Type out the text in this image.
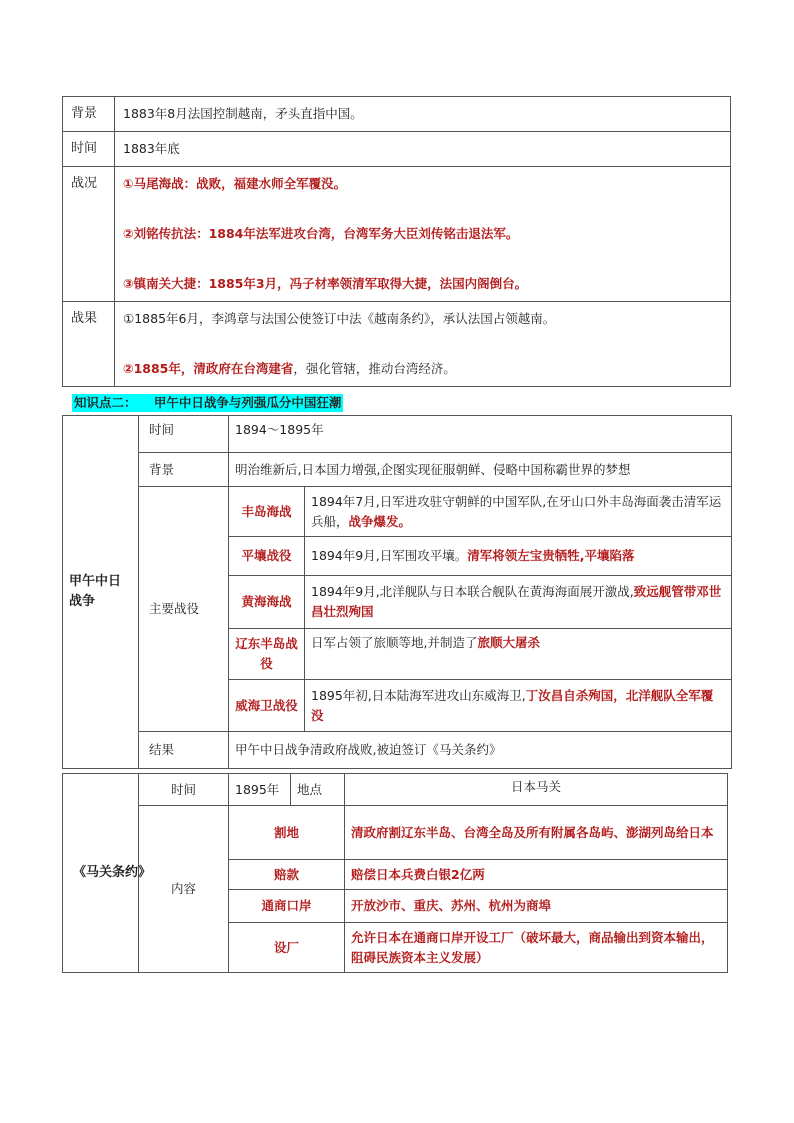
背景	1883年8月法国控制越南，矛头直指中国。
时间	1883年底
战况	①马尾海战：战败，福建水师全军覆没。

②刘铭传抗法：1884年法军进攻台湾，台湾军务大臣刘传铭击退法军。

③镇南关大捷：1885年3月，冯子材率领清军取得大捷，法国内阁倒台。

战果	①1885年6月，李鸿章与法国公使签订中法《越南条约》，承认法国占领越南。

②1885年，清政府在台湾建省，强化管辖，推动台湾经济。

知识点二：    甲午中日战争与列强瓜分中国狂潮
甲午中日战争	时间	1894～1895年	
	背景	明治维新后,日本国力增强,企图实现征服朝鲜、侵略中国称霸世界的梦想	
	主要战役	丰岛海战	1894年7月,日军进攻驻守朝鲜的中国军队,在牙山口外丰岛海面袭击清军运兵船，战争爆发。
		平壤战役	1894年9月,日军围攻平壤。清军将领左宝贵牺牲,平壤陷落
		黄海海战	1894年9月,北洋舰队与日本联合舰队在黄海海面展开激战,致远舰管带邓世昌壮烈殉国
		辽东半岛战役	日军占领了旅顺等地,并制造了旅顺大屠杀
		威海卫战役	1895年初,日本陆海军进攻山东威海卫,丁汝昌自杀殉国，北洋舰队全军覆没
	结果	甲午中日战争清政府战败,被迫签订《马关条约》	
《马关条约》	时间	1895年	地点	日本马关
	内容	割地		清政府割辽东半岛、台湾全岛及所有附属各岛屿、澎湖列岛给日本
		赔款		赔偿日本兵费白银2亿两
		通商口岸		开放沙市、重庆、苏州、杭州为商埠
		设厂		允许日本在通商口岸开设工厂（破坏最大，商品输出到资本输出，阻碍民族资本主义发展）
